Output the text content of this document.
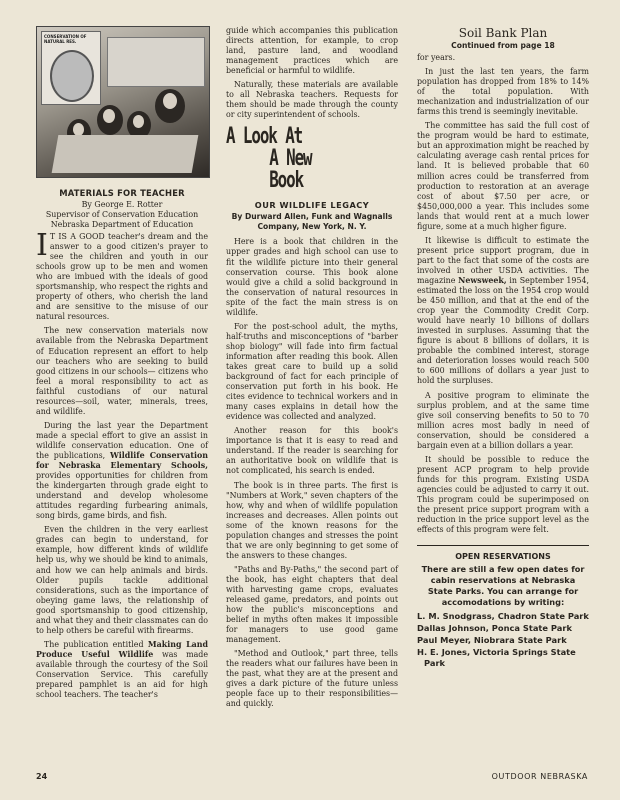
CONSERVATION OF NATURAL RES.
MATERIALS FOR TEACHER

By George E. Rotter

Supervisor of Conservation Education

Nebraska Department of Education

I T IS A GOOD teacher's dream and the answer to a good citizen's prayer to see the children and youth in our schools grow up to be men and women who are imbued with the ideals of good sportsmanship, who respect the rights and property of others, who cherish the land and are sensitive to the misuse of our natural resources.

The new conservation materials now available from the Nebraska Department of Education represent an effort to help our teachers who are seeking to build good citizens in our schools— citizens who feel a moral responsibility to act as faithful custodians of our natural resources—soil, water, minerals, trees, and wildlife.

During the last year the Department made a special effort to give an assist in wildlife conservation education. One of the publications, Wildlife Conservation for Nebraska Elementary Schools, provides opportunities for children from the kindergarten through grade eight to understand and develop wholesome attitudes regarding furbearing animals, song birds, game birds, and fish.

Even the children in the very earliest grades can begin to understand, for example, how different kinds of wildlife help us, why we should be kind to animals, and how we can help animals and birds. Older pupils tackle additional considerations, such as the importance of obeying game laws, the relationship of good sportsmanship to good citizenship, and what they and their classmates can do to help others be careful with firearms.

The publication entitled Making Land Produce Useful Wildlife was made available through the courtesy of the Soil Conservation Service. This carefully prepared pamphlet is an aid for high school teachers. The teacher's

guide which accompanies this publication directs attention, for example, to crop land, pasture land, and woodland management practices which are beneficial or harmful to wildlife.

Naturally, these materials are available to all Nebraska teachers. Requests for them should be made through the county or city superintendent of schools.

A Look At
A New Book
OUR WILDLIFE LEGACY
By Durward Allen, Funk and Wagnalls Company, New York, N. Y.

Here is a book that children in the upper grades and high school can use to fit the wildlife picture into their general conservation course. This book alone would give a child a solid background in the conservation of natural resources in spite of the fact the main stress is on wildlife.

For the post-school adult, the myths, half-truths and misconceptions of "barber shop biology" will fade into firm factual information after reading this book. Allen takes great care to build up a solid background of fact for each principle of conservation put forth in his book. He cites evidence to technical workers and in many cases explains in detail how the evidence was collected and analyzed.

Another reason for this book's importance is that it is easy to read and understand. If the reader is searching for an authoritative book on wildlife that is not complicated, his search is ended.

The book is in three parts. The first is "Numbers at Work," seven chapters of the how, why and when of wildlife population increases and decreases. Allen points out some of the known reasons for the population changes and stresses the point that we are only beginning to get some of the answers to these changes.

"Paths and By-Paths," the second part of the book, has eight chapters that deal with harvesting game crops, evaluates released game, predators, and points out how the public's misconceptions and belief in myths often makes it impossible for managers to use good game management.

"Method and Outlook," part three, tells the readers what our failures have been in the past, what they are at the present and gives a dark picture of the future unless people face up to their responsibilities—and quickly.

Soil Bank Plan
Continued from page 18

for years.

In just the last ten years, the farm population has dropped from 18% to 14% of the total population. With mechanization and industrialization of our farms this trend is seemingly inevitable.

The committee has said the full cost of the program would be hard to estimate, but an approximation might be reached by calculating average cash rental prices for land. It is believed probable that 60 million acres could be transferred from production to restoration at an average cost of about $7.50 per acre, or $450,000,000 a year. This includes some lands that would rent at a much lower figure, some at a much higher figure.

It likewise is difficult to estimate the present price support program, due in part to the fact that some of the costs are involved in other USDA activities. The magazine Newsweek, in September 1954, estimated the loss on the 1954 crop would be 450 million, and that at the end of the crop year the Commodity Credit Corp. would have nearly 10 billions of dollars invested in surpluses. Assuming that the figure is about 8 billions of dollars, it is probable the combined interest, storage and deterioration losses would reach 500 to 600 millions of dollars a year just to hold the surpluses.

A positive program to eliminate the surplus problem, and at the same time give soil conserving benefits to 50 to 70 million acres most badly in need of conservation, should be considered a bargain even at a billion dollars a year.

It should be possible to reduce the present ACP program to help provide funds for this program. Existing USDA agencies could be adjusted to carry it out. This program could be superimposed on the present price support program with a reduction in the price support level as the effects of this program were felt.

OPEN RESERVATIONS
There are still a few open dates for cabin reservations at Nebraska State Parks. You can arrange for accomodations by writing:
L. M. Snodgrass, Chadron State Park
Dallas Johnson, Ponca State Park
Paul Meyer, Niobrara State Park
H. E. Jones, Victoria Springs State Park
24	OUTDOOR NEBRASKA
